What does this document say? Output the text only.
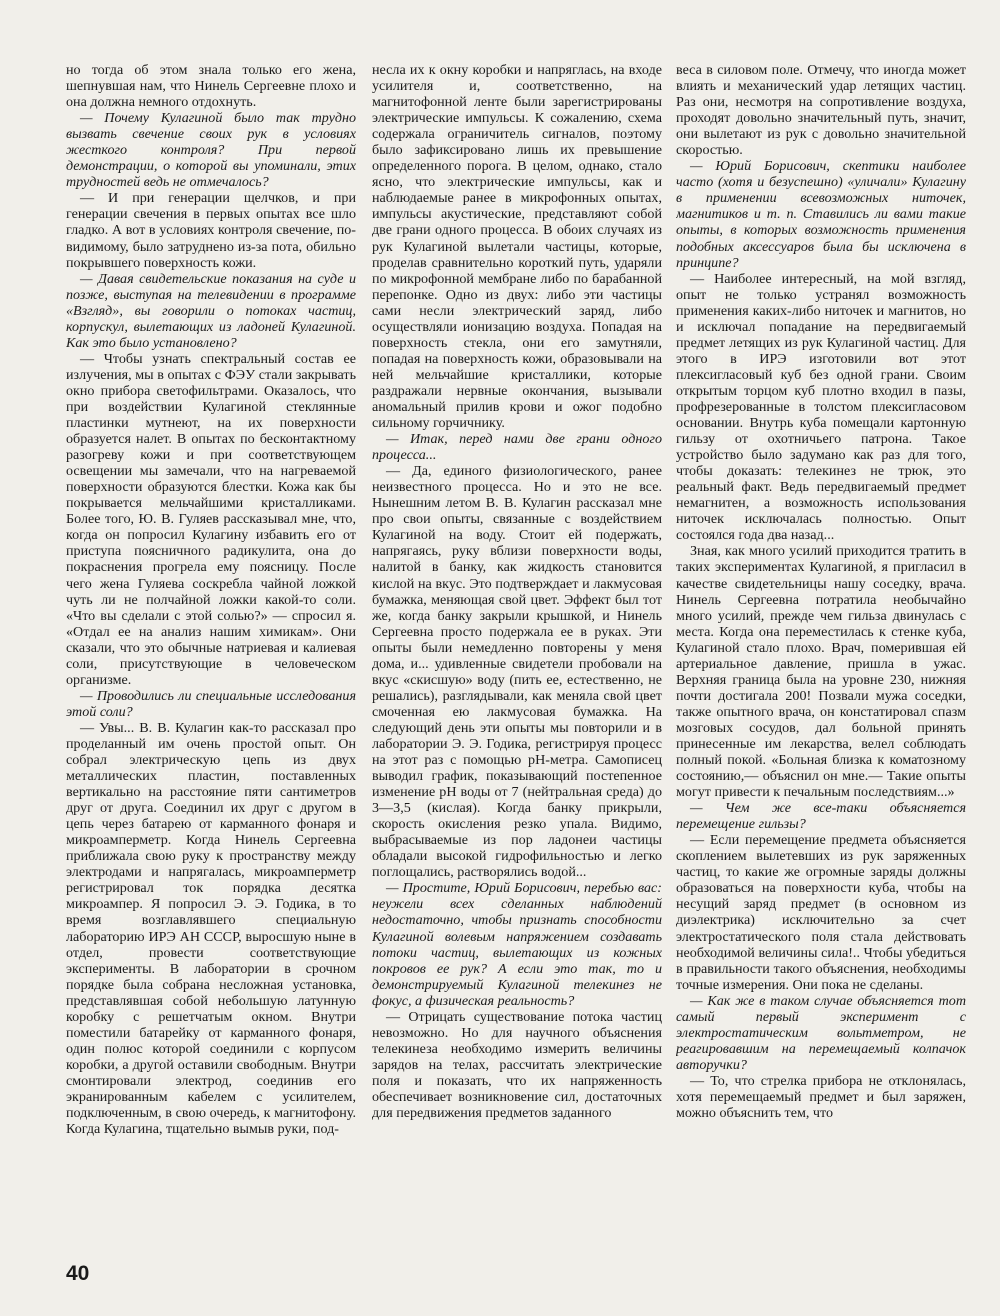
но тогда об этом знала только его жена, шепнувшая нам, что Нинель Сергеевне плохо и она должна немного отдохнуть.

— Почему Кулагиной было так трудно вызвать свечение своих рук в условиях жесткого контроля? При первой демонстрации, о которой вы упоминали, этих трудностей ведь не отмечалось?

— И при генерации щелчков, и при генерации свечения в первых опытах все шло гладко. А вот в условиях контроля свечение, по-видимому, было затруднено из-за пота, обильно покрывшего поверхность кожи.

— Давая свидетельские показания на суде и позже, выступая на телевидении в программе «Взгляд», вы говорили о потоках частиц, корпускул, вылетающих из ладоней Кулагиной. Как это было установлено?

— Чтобы узнать спектральный состав ее излучения, мы в опытах с ФЭУ стали закрывать окно прибора светофильтрами. Оказалось, что при воздействии Кулагиной стеклянные пластинки мутнеют, на их поверхности образуется налет. В опытах по бесконтактному разогреву кожи и при соответствующем освещении мы замечали, что на нагреваемой поверхности образуются блестки. Кожа как бы покрывается мельчайшими кристалликами. Более того, Ю. В. Гуляев рассказывал мне, что, когда он попросил Кулагину избавить его от приступа поясничного радикулита, она до покраснения прогрела ему поясницу. После чего жена Гуляева соскребла чайной ложкой чуть ли не полчайной ложки какой-то соли. «Что вы сделали с этой солью?» — спросил я. «Отдал ее на анализ нашим химикам». Они сказали, что это обычные натриевая и калиевая соли, присутствующие в человеческом организме.

— Проводились ли специальные исследования этой соли?

— Увы... В. В. Кулагин как-то рассказал про проделанный им очень простой опыт. Он собрал электрическую цепь из двух металлических пластин, поставленных вертикально на расстояние пяти сантиметров друг от друга. Соединил их друг с другом в цепь через батарею от карманного фонаря и микроамперметр. Когда Нинель Сергеевна приближала свою руку к пространству между электродами и напрягалась, микроамперметр регистрировал ток порядка десятка микроампер. Я попросил Э. Э. Годика, в то время возглавлявшего специальную лабораторию ИРЭ АН СССР, выросшую ныне в отдел, провести соответствующие эксперименты. В лаборатории в срочном порядке была собрана несложная установка, представлявшая собой небольшую латунную коробку с решетчатым окном. Внутри поместили батарейку от карманного фонаря, один полюс которой соединили с корпусом коробки, а другой оставили свободным. Внутри смонтировали электрод, соединив его экранированным кабелем с усилителем, подключенным, в свою очередь, к магнитофону. Когда Кулагина, тщательно вымыв руки, под-

несла их к окну коробки и напряглась, на входе усилителя и, соответственно, на магнитофонной ленте были зарегистрированы электрические импульсы. К сожалению, схема содержала ограничитель сигналов, поэтому было зафиксировано лишь их превышение определенного порога. В целом, однако, стало ясно, что электрические импульсы, как и наблюдаемые ранее в микрофонных опытах, импульсы акустические, представляют собой две грани одного процесса. В обоих случаях из рук Кулагиной вылетали частицы, которые, проделав сравнительно короткий путь, ударяли по микрофонной мембране либо по барабанной перепонке. Одно из двух: либо эти частицы сами несли электрический заряд, либо осуществляли ионизацию воздуха. Попадая на поверхность стекла, они его замутняли, попадая на поверхность кожи, образовывали на ней мельчайшие кристаллики, которые раздражали нервные окончания, вызывали аномальный прилив крови и ожог подобно сильному горчичнику.

— Итак, перед нами две грани одного процесса...

— Да, единого физиологического, ранее неизвестного процесса. Но и это не все. Нынешним летом В. В. Кулагин рассказал мне про свои опыты, связанные с воздействием Кулагиной на воду. Стоит ей подержать, напрягаясь, руку вблизи поверхности воды, налитой в банку, как жидкость становится кислой на вкус. Это подтверждает и лакмусовая бумажка, меняющая свой цвет. Эффект был тот же, когда банку закрыли крышкой, и Нинель Сергеевна просто подержала ее в руках. Эти опыты были немедленно повторены у меня дома, и... удивленные свидетели пробовали на вкус «скисшую» воду (пить ее, естественно, не решались), разглядывали, как меняла свой цвет смоченная ею лакмусовая бумажка. На следующий день эти опыты мы повторили и в лаборатории Э. Э. Годика, регистрируя процесс на этот раз с помощью pH-метра. Самописец выводил график, показывающий постепенное изменение pH воды от 7 (нейтральная среда) до 3—3,5 (кислая). Когда банку прикрыли, скорость окисления резко упала. Видимо, выбрасываемые из пор ладонеи частицы обладали высокой гидрофильностью и легко поглощались, растворялись водой...

— Простите, Юрий Борисович, перебью вас: неужели всех сделанных наблюдений недостаточно, чтобы признать способности Кулагиной волевым напряжением создавать потоки частиц, вылетающих из кожных покровов ее рук? А если это так, то и демонстрируемый Кулагиной телекинез не фокус, а физическая реальность?

— Отрицать существование потока частиц невозможно. Но для научного объяснения телекинеза необходимо измерить величины зарядов на телах, рассчитать электрические поля и показать, что их напряженность обеспечивает возникновение сил, достаточных для передвижения предметов заданного

веса в силовом поле. Отмечу, что иногда может влиять и механический удар летящих частиц. Раз они, несмотря на сопротивление воздуха, проходят довольно значительный путь, значит, они вылетают из рук с довольно значительной скоростью.

— Юрий Борисович, скептики наиболее часто (хотя и безуспешно) «уличали» Кулагину в применении всевозможных ниточек, магнитиков и т. п. Ставились ли вами такие опыты, в которых возможность применения подобных аксессуаров была бы исключена в принципе?

— Наиболее интересный, на мой взгляд, опыт не только устранял возможность применения каких-либо ниточек и магнитов, но и исключал попадание на передвигаемый предмет летящих из рук Кулагиной частиц. Для этого в ИРЭ изготовили вот этот плексигласовый куб без одной грани. Своим открытым торцом куб плотно входил в пазы, профрезерованные в толстом плексигласовом основании. Внутрь куба помещали картонную гильзу от охотничьего патрона. Такое устройство было задумано как раз для того, чтобы доказать: телекинез не трюк, это реальный факт. Ведь передвигаемый предмет немагнитен, а возможность использования ниточек исключалась полностью. Опыт состоялся года два назад...

Зная, как много усилий приходится тратить в таких экспериментах Кулагиной, я пригласил в качестве свидетельницы нашу соседку, врача. Нинель Сергеевна потратила необычайно много усилий, прежде чем гильза двинулась с места. Когда она переместилась к стенке куба, Кулагиной стало плохо. Врач, померившая ей артериальное давление, пришла в ужас. Верхняя граница была на уровне 230, нижняя почти достигала 200! Позвали мужа соседки, также опытного врача, он констатировал спазм мозговых сосудов, дал больной принять принесенные им лекарства, велел соблюдать полный покой. «Больная близка к коматозному состоянию,— объяснил он мне.— Такие опыты могут привести к печальным последствиям...»

— Чем же все-таки объясняется перемещение гильзы?

— Если перемещение предмета объясняется скоплением вылетевших из рук заряженных частиц, то какие же огромные заряды должны образоваться на поверхности куба, чтобы на несущий заряд предмет (в основном из диэлектрика) исключительно за счет электростатического поля стала действовать необходимой величины сила!.. Чтобы убедиться в правильности такого объяснения, необходимы точные измерения. Они пока не сделаны.

— Как же в таком случае объясняется тот самый первый эксперимент с электростатическим вольтметром, не реагировавшим на перемещаемый колпачок авторучки?

— То, что стрелка прибора не отклонялась, хотя перемещаемый предмет и был заряжен, можно объяснить тем, что

40
